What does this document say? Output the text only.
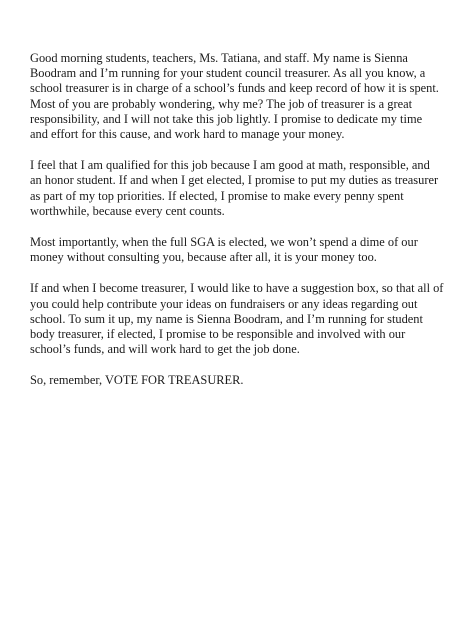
Good morning students, teachers, Ms. Tatiana, and staff. My name is Sienna
Boodram and I’m running for your student council treasurer. As all you know, a
school treasurer is in charge of a school’s funds and keep record of how it is spent.
Most of you are probably wondering, why me? The job of treasurer is a great
responsibility, and I will not take this job lightly. I promise to dedicate my time
and effort for this cause, and work hard to manage your money.

I feel that I am qualified for this job because I am good at math, responsible, and
an honor student. If and when I get elected, I promise to put my duties as treasurer
as part of my top priorities. If elected, I promise to make every penny spent
worthwhile, because every cent counts.

Most importantly, when the full SGA is elected, we won’t spend a dime of our
money without consulting you, because after all, it is your money too.

If and when I become treasurer, I would like to have a suggestion box, so that all of
you could help contribute your ideas on fundraisers or any ideas regarding out
school. To sum it up, my name is Sienna Boodram, and I’m running for student
body treasurer, if elected, I promise to be responsible and involved with our
school’s funds, and will work hard to get the job done.

So, remember, VOTE FOR TREASURER.
